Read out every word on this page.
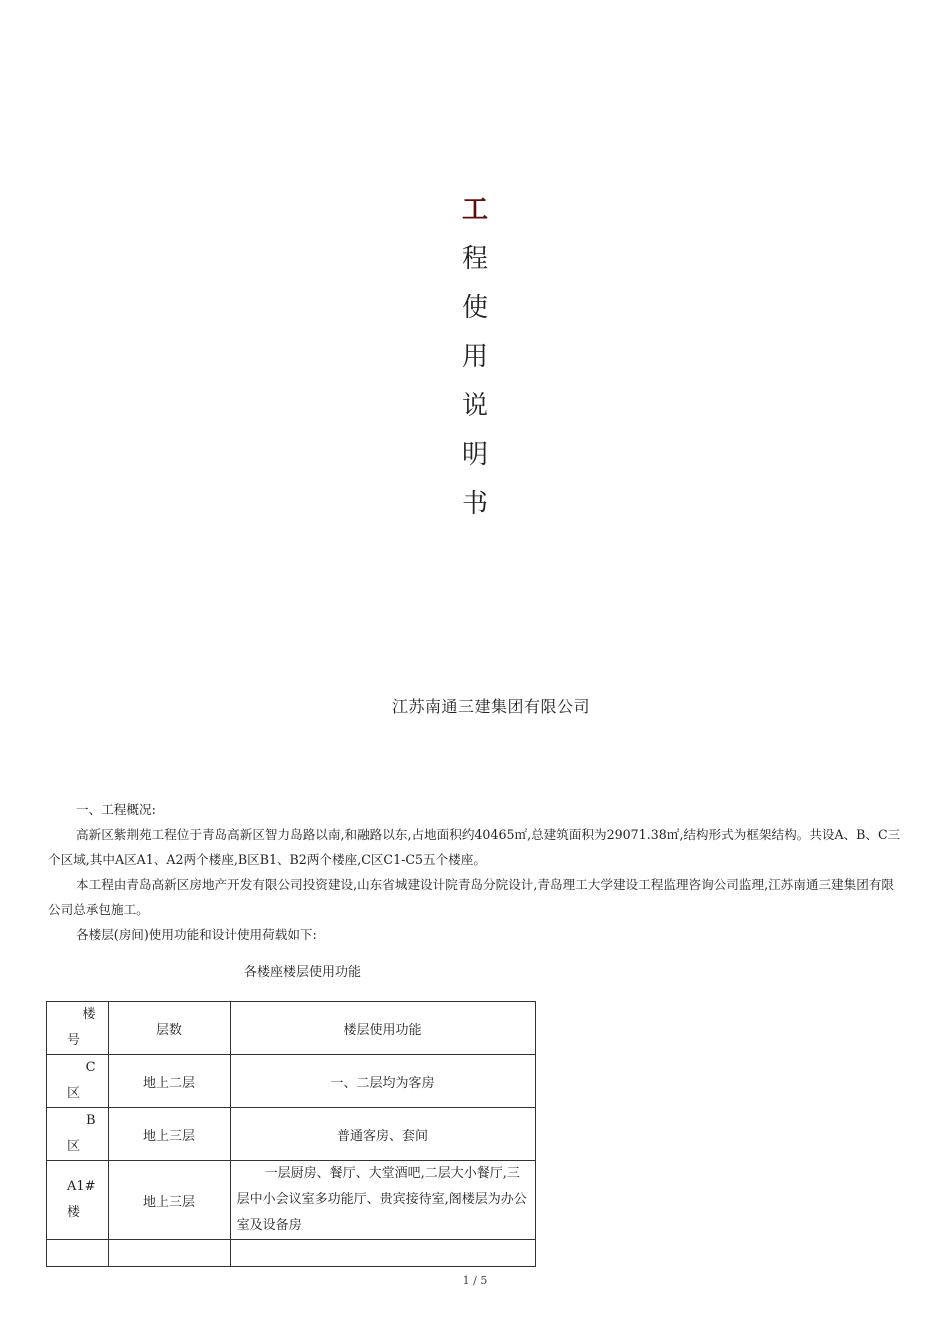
工
程
使
用
说
明
书
江苏南通三建集团有限公司

一、工程概况:

高新区紫荆苑工程位于青岛高新区智力岛路以南,和融路以东,占地面积约40465㎡,总建筑面积为29071.38㎡,结构形式为框架结构。共设A、B、C三个区域,其中A区A1、A2两个楼座,B区B1、B2两个楼座,C区C1-C5五个楼座。

本工程由青岛高新区房地产开发有限公司投资建设,山东省城建设计院青岛分院设计,青岛理工大学建设工程监理咨询公司监理,江苏南通三建集团有限公司总承包施工。

各楼层(房间)使用功能和设计使用荷载如下:

各楼座楼层使用功能
楼
号	层数	楼层使用功能

C
区	地上二层	一、二层均为客房

B
区	地上三层	普通客房、套间

A1#
楼	地上三层	一层厨房、餐厅、大堂酒吧,二层大小餐厅,三层中小会议室多功能厅、贵宾接待室,阁楼层为办公室及设备房

1 / 5
